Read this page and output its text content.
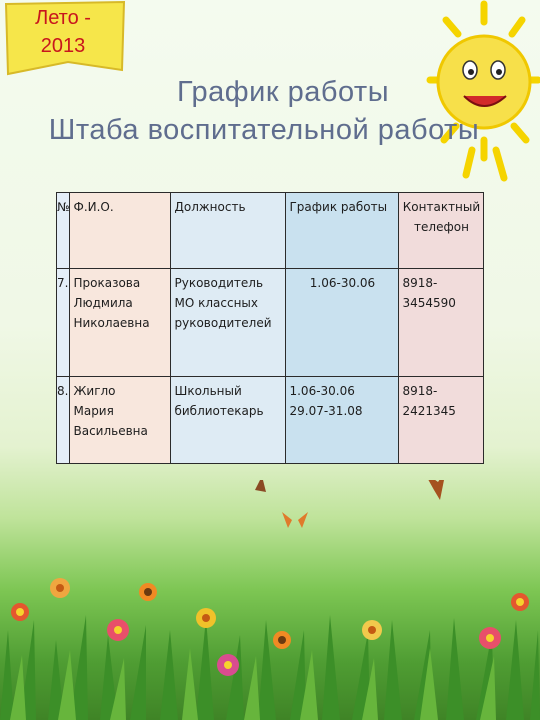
Лето -
2013
График работы
Штаба воспитательной работы
№	Ф.И.О.	Должность	График работы	Контактный
телефон
7.	Проказова
Людмила
Николаевна	Руководитель
МО классных
руководителей	1.06-30.06	8918-
3454590
8.	Жигло
Мария
Васильевна	Школьный
библиотекарь	1.06-30.06
29.07-31.08	8918-
2421345
